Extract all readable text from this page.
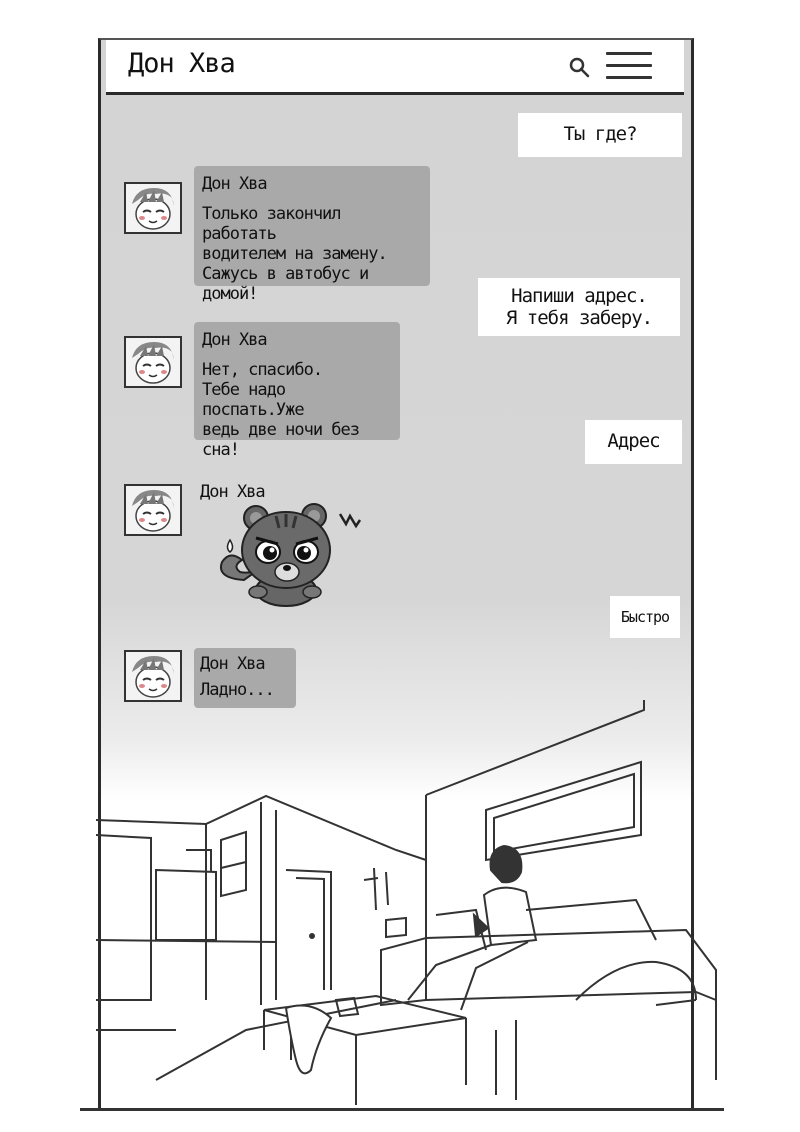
Дон Хва
Ты где?
Дон Хва
Только закончил работать
водителем на замену.
Сажусь в автобус и домой!	Напиши адрес.
Я тебя заберу.
Дон Хва
Нет, спасибо.
Тебе надо поспать.Уже
ведь две ночи без сна!	Адрес
Дон Хва
Быстро
Дон Хва
Ладно...
